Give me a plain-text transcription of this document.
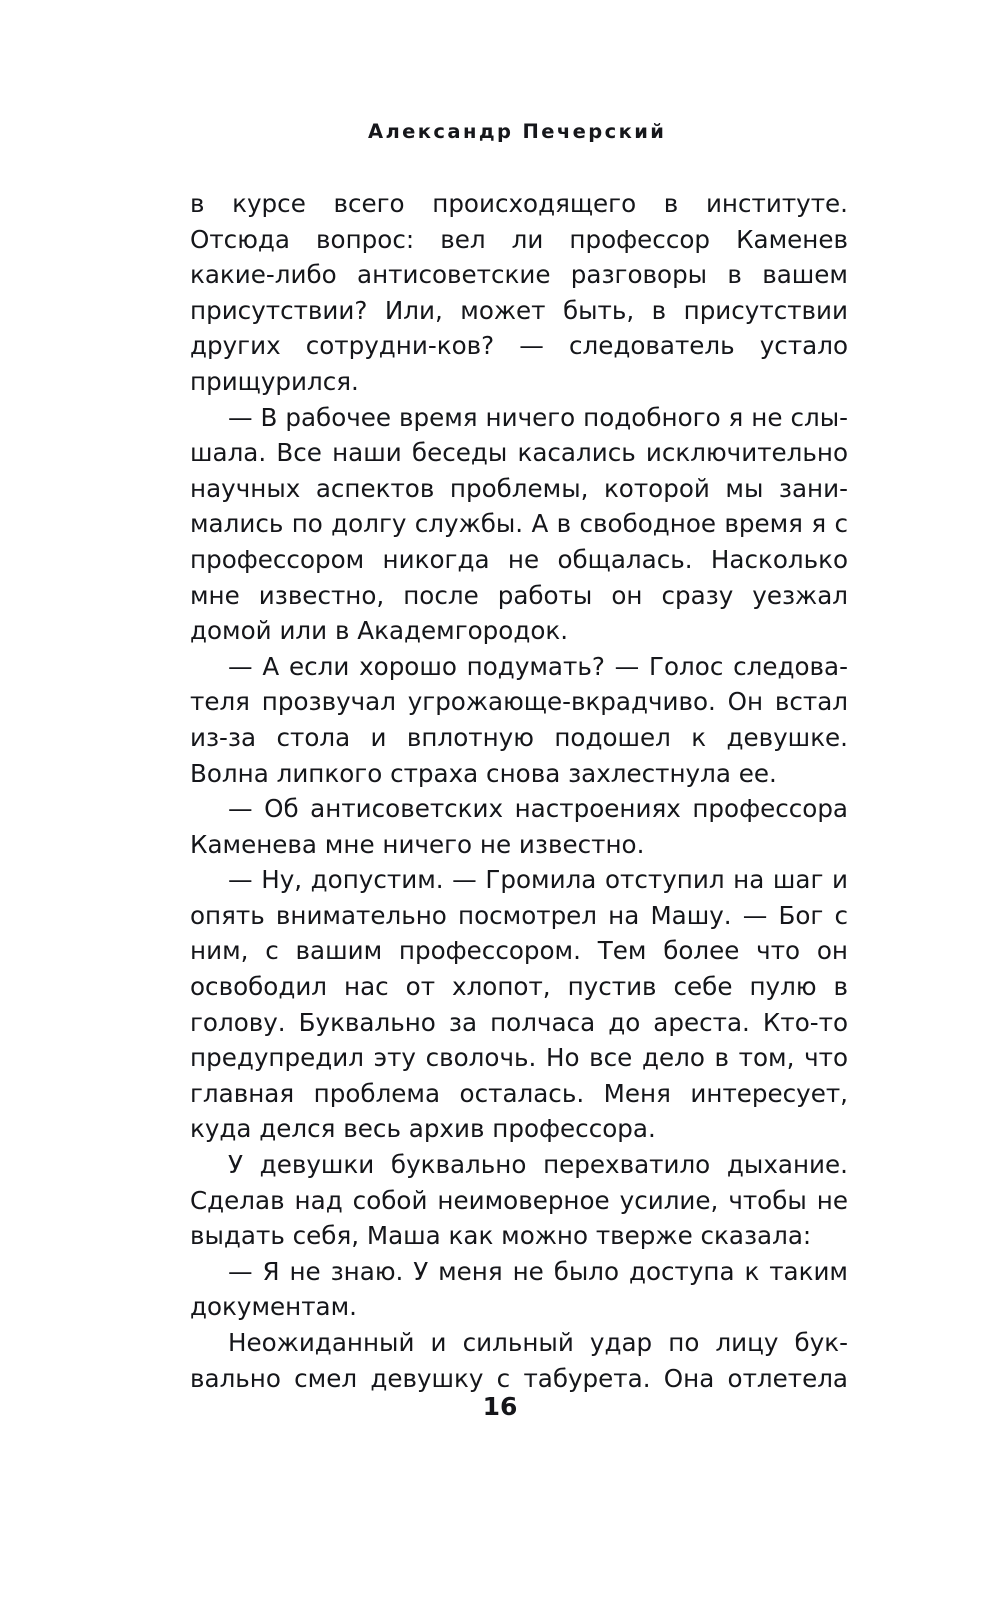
Александр Печерский

в курсе всего происходящего в институте. Отсюда вопрос: вел ли профессор Каменев какие-либо антисоветские разговоры в вашем присутствии? Или, может быть, в присутствии других сотрудни-ков? — следователь устало прищурился.

— В рабочее время ничего подобного я не слы-шала. Все наши беседы касались исключительно научных аспектов проблемы, которой мы зани-мались по долгу службы. А в свободное время я с профессором никогда не общалась. Насколько мне известно, после работы он сразу уезжал домой или в Академгородок.

— А если хорошо подумать? — Голос следова-теля прозвучал угрожающе-вкрадчиво. Он встал из-за стола и вплотную подошел к девушке. Волна липкого страха снова захлестнула ее.

— Об антисоветских настроениях профессора Каменева мне ничего не известно.

— Ну, допустим. — Громила отступил на шаг и опять внимательно посмотрел на Машу. — Бог с ним, с вашим профессором. Тем более что он освободил нас от хлопот, пустив себе пулю в голову. Буквально за полчаса до ареста. Кто-то предупредил эту сволочь. Но все дело в том, что главная проблема осталась. Меня интересует, куда делся весь архив профессора.

У девушки буквально перехватило дыхание. Сделав над собой неимоверное усилие, чтобы не выдать себя, Маша как можно тверже сказала:

— Я не знаю. У меня не было доступа к таким документам.

Неожиданный и сильный удар по лицу бук-вально смел девушку с табурета. Она отлетела

16
